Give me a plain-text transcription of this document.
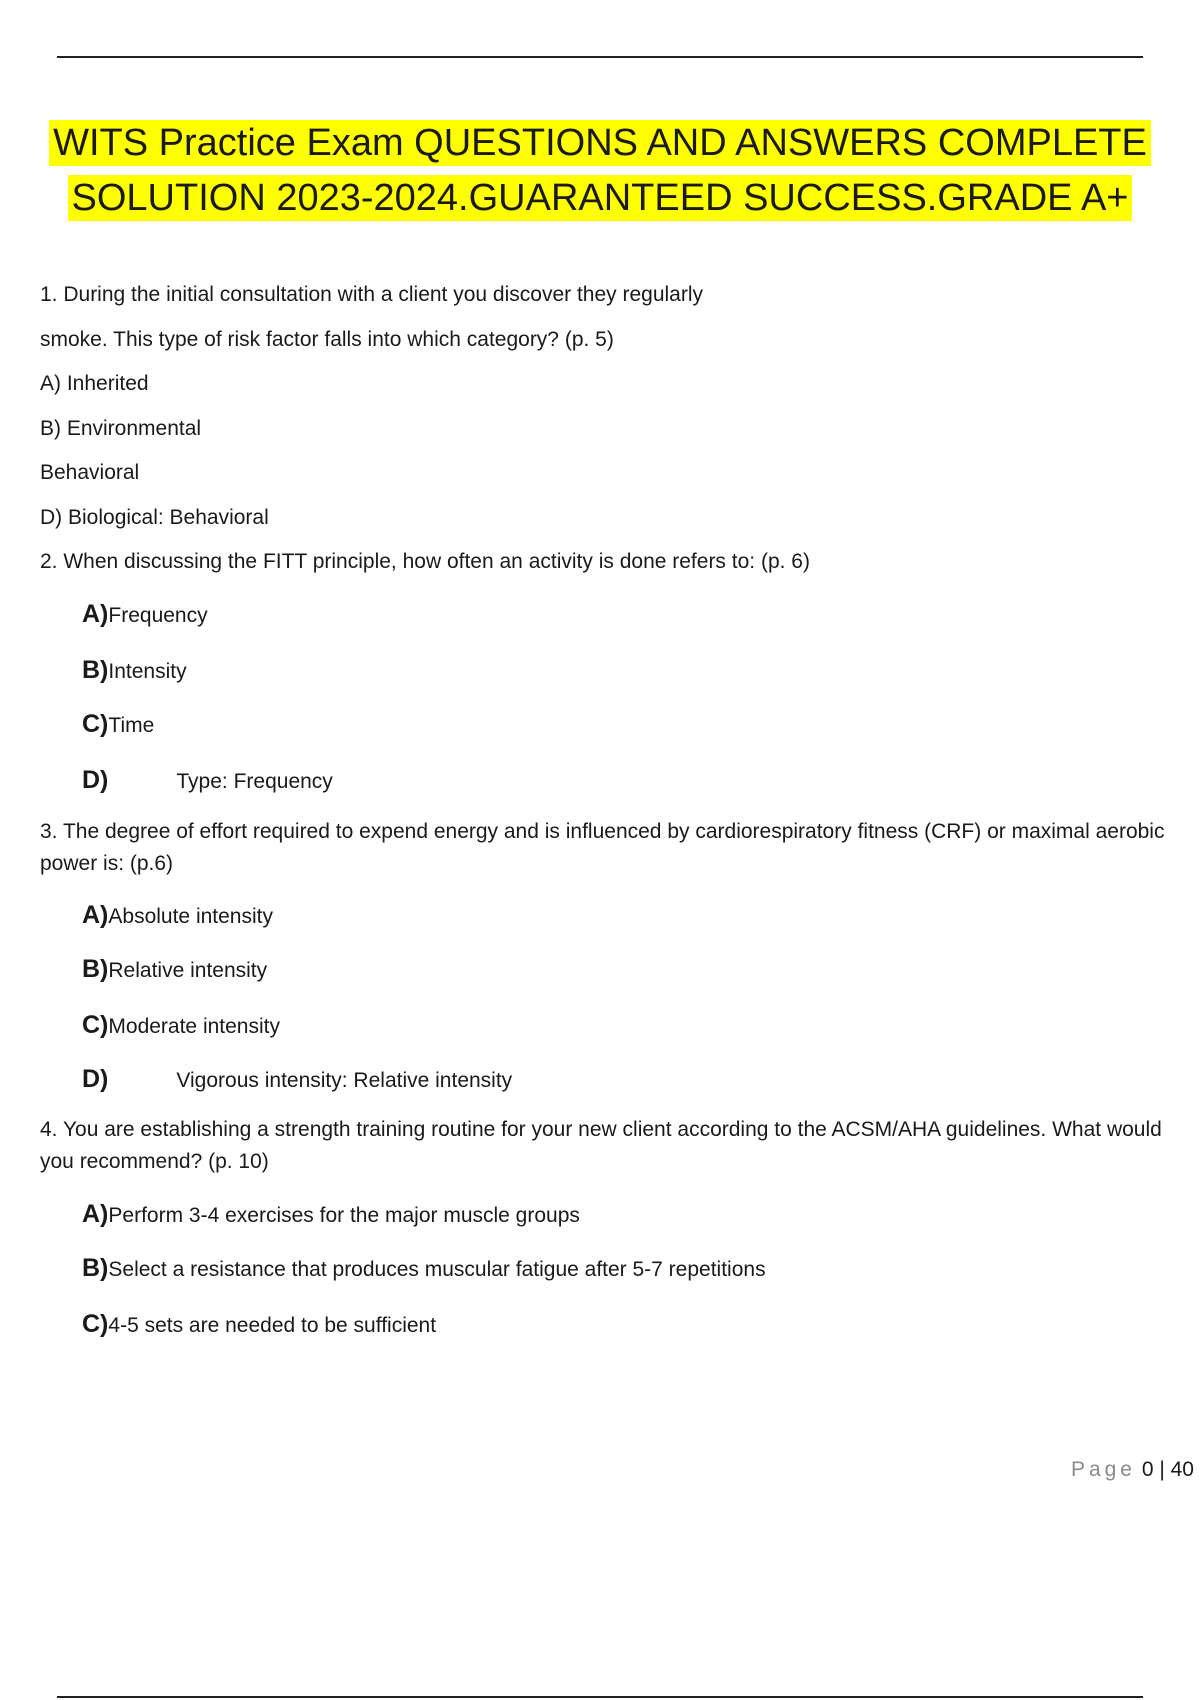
WITS Practice Exam QUESTIONS AND ANSWERS COMPLETE
SOLUTION 2023-2024.GUARANTEED SUCCESS.GRADE A+
1. During the initial consultation with a client you discover they regularly
smoke. This type of risk factor falls into which category? (p. 5)
A) Inherited
B) Environmental
Behavioral
D) Biological: Behavioral
2. When discussing the FITT principle, how often an activity is done refers to: (p. 6)
A)Frequency
B)Intensity
C)Time
D)	Type: Frequency
3. The degree of effort required to expend energy and is influenced by cardiorespiratory fitness (CRF) or maximal aerobic power is: (p.6)
A)Absolute intensity
B)Relative intensity
C)Moderate intensity
D)	Vigorous intensity: Relative intensity
4. You are establishing a strength training routine for your new client according to the ACSM/AHA guidelines. What would you recommend? (p. 10)
A)Perform 3-4 exercises for the major muscle groups
B)Select a resistance that produces muscular fatigue after 5-7 repetitions
C)4-5 sets are needed to be sufficient
Page 0 | 40
